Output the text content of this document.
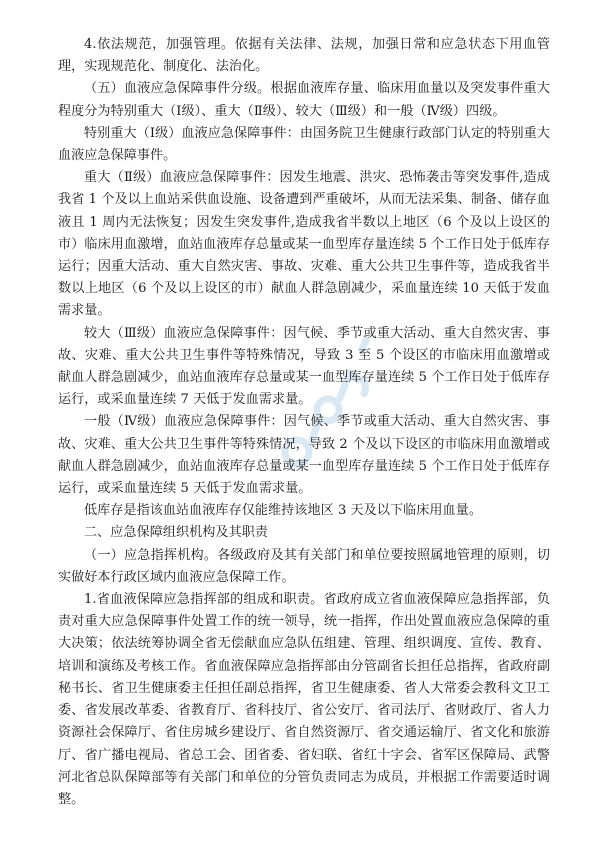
4.依法规范，加强管理。依据有关法律、法规，加强日常和应急状态下用血管理，实现规范化、制度化、法治化。

（五）血液应急保障事件分级。根据血液库存量、临床用血量以及突发事件重大程度分为特别重大（Ⅰ级）、重大（Ⅱ级）、较大（Ⅲ级）和一般（Ⅳ级）四级。

特别重大（Ⅰ级）血液应急保障事件：由国务院卫生健康行政部门认定的特别重大血液应急保障事件。

重大（Ⅱ级）血液应急保障事件：因发生地震、洪灾、恐怖袭击等突发事件,造成我省 1 个及以上血站采供血设施、设备遭到严重破坏，从而无法采集、制备、储存血液且 1 周内无法恢复；因发生突发事件,造成我省半数以上地区（6 个及以上设区的市）临床用血激增，血站血液库存总量或某一血型库存量连续 5 个工作日处于低库存运行；因重大活动、重大自然灾害、事故、灾难、重大公共卫生事件等，造成我省半数以上地区（6 个及以上设区的市）献血人群急剧减少，采血量连续 10 天低于发血需求量。

较大（Ⅲ级）血液应急保障事件：因气候、季节或重大活动、重大自然灾害、事故、灾难、重大公共卫生事件等特殊情况，导致 3 至 5 个设区的市临床用血激增或献血人群急剧减少，血站血液库存总量或某一血型库存量连续 5 个工作日处于低库存运行，或采血量连续 7 天低于发血需求量。

一般（Ⅳ级）血液应急保障事件：因气候、季节或重大活动、重大自然灾害、事故、灾难、重大公共卫生事件等特殊情况，导致 2 个及以下设区的市临床用血激增或献血人群急剧减少，血站血液库存总量或某一血型库存量连续 5 个工作日处于低库存运行，或采血量连续 5 天低于发血需求量。

低库存是指该血站血液库存仅能维持该地区 3 天及以下临床用血量。

二、应急保障组织机构及其职责

（一）应急指挥机构。各级政府及其有关部门和单位要按照属地管理的原则，切实做好本行政区域内血液应急保障工作。

1.省血液保障应急指挥部的组成和职责。省政府成立省血液保障应急指挥部，负责对重大应急保障事件处置工作的统一领导，统一指挥，作出处置血液应急保障的重大决策；依法统筹协调全省无偿献血应急队伍组建、管理、组织调度、宣传、教育、培训和演练及考核工作。省血液保障应急指挥部由分管副省长担任总指挥，省政府副秘书长、省卫生健康委主任担任副总指挥，省卫生健康委、省人大常委会教科文卫工委、省发展改革委、省教育厅、省科技厅、省公安厅、省司法厅、省财政厅、省人力资源社会保障厅、省住房城乡建设厅、省自然资源厅、省交通运输厅、省文化和旅游厅、省广播电视局、省总工会、团省委、省妇联、省红十字会、省军区保障局、武警河北省总队保障部等有关部门和单位的分管负责同志为成员，并根据工作需要适时调整。
